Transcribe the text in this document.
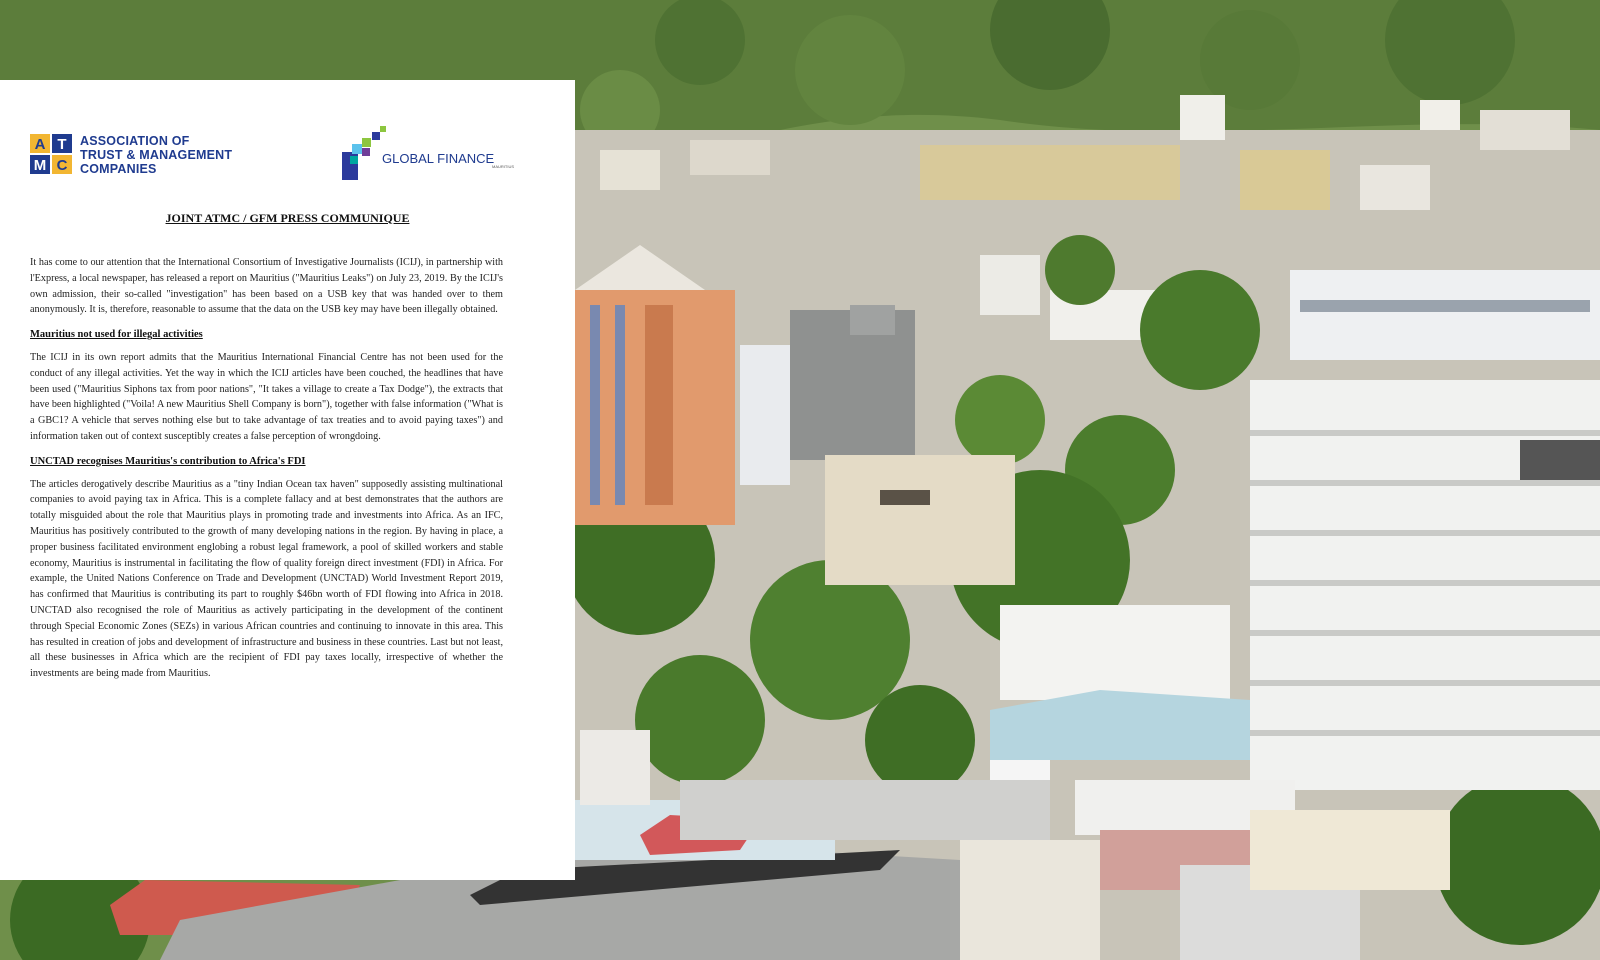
A T
M C
ASSOCIATION OF
TRUST & MANAGEMENT
COMPANIES
GLOBAL FINANCE
MAURITIUS
JOINT ATMC / GFM PRESS COMMUNIQUE

It has come to our attention that the International Consortium of Investigative Journalists (ICIJ), in partnership with l'Express, a local newspaper, has released a report on Mauritius ("Mauritius Leaks") on July 23, 2019. By the ICIJ's own admission, their so-called "investigation" has been based on a USB key that was handed over to them anonymously. It is, therefore, reasonable to assume that the data on the USB key may have been illegally obtained.

Mauritius not used for illegal activities

The ICIJ in its own report admits that the Mauritius International Financial Centre has not been used for the conduct of any illegal activities. Yet the way in which the ICIJ articles have been couched, the headlines that have been used ("Mauritius Siphons tax from poor nations", "It takes a village to create a Tax Dodge"), the extracts that have been highlighted ("Voila! A new Mauritius Shell Company is born"), together with false information ("What is a GBC1? A vehicle that serves nothing else but to take advantage of tax treaties and to avoid paying taxes") and information taken out of context susceptibly creates a false perception of wrongdoing.

UNCTAD recognises Mauritius's contribution to Africa's FDI

The articles derogatively describe Mauritius as a "tiny Indian Ocean tax haven" supposedly assisting multinational companies to avoid paying tax in Africa. This is a complete fallacy and at best demonstrates that the authors are totally misguided about the role that Mauritius plays in promoting trade and investments into Africa. As an IFC, Mauritius has positively contributed to the growth of many developing nations in the region. By having in place, a proper business facilitated environment englobing a robust legal framework, a pool of skilled workers and stable economy, Mauritius is instrumental in facilitating the flow of quality foreign direct investment (FDI) in Africa. For example, the United Nations Conference on Trade and Development (UNCTAD) World Investment Report 2019, has confirmed that Mauritius is contributing its part to roughly $46bn worth of FDI flowing into Africa in 2018. UNCTAD also recognised the role of Mauritius as actively participating in the development of the continent through Special Economic Zones (SEZs) in various African countries and continuing to innovate in this area. This has resulted in creation of jobs and development of infrastructure and business in these countries. Last but not least, all these businesses in Africa which are the recipient of FDI pay taxes locally, irrespective of whether the investments are being made from Mauritius.
